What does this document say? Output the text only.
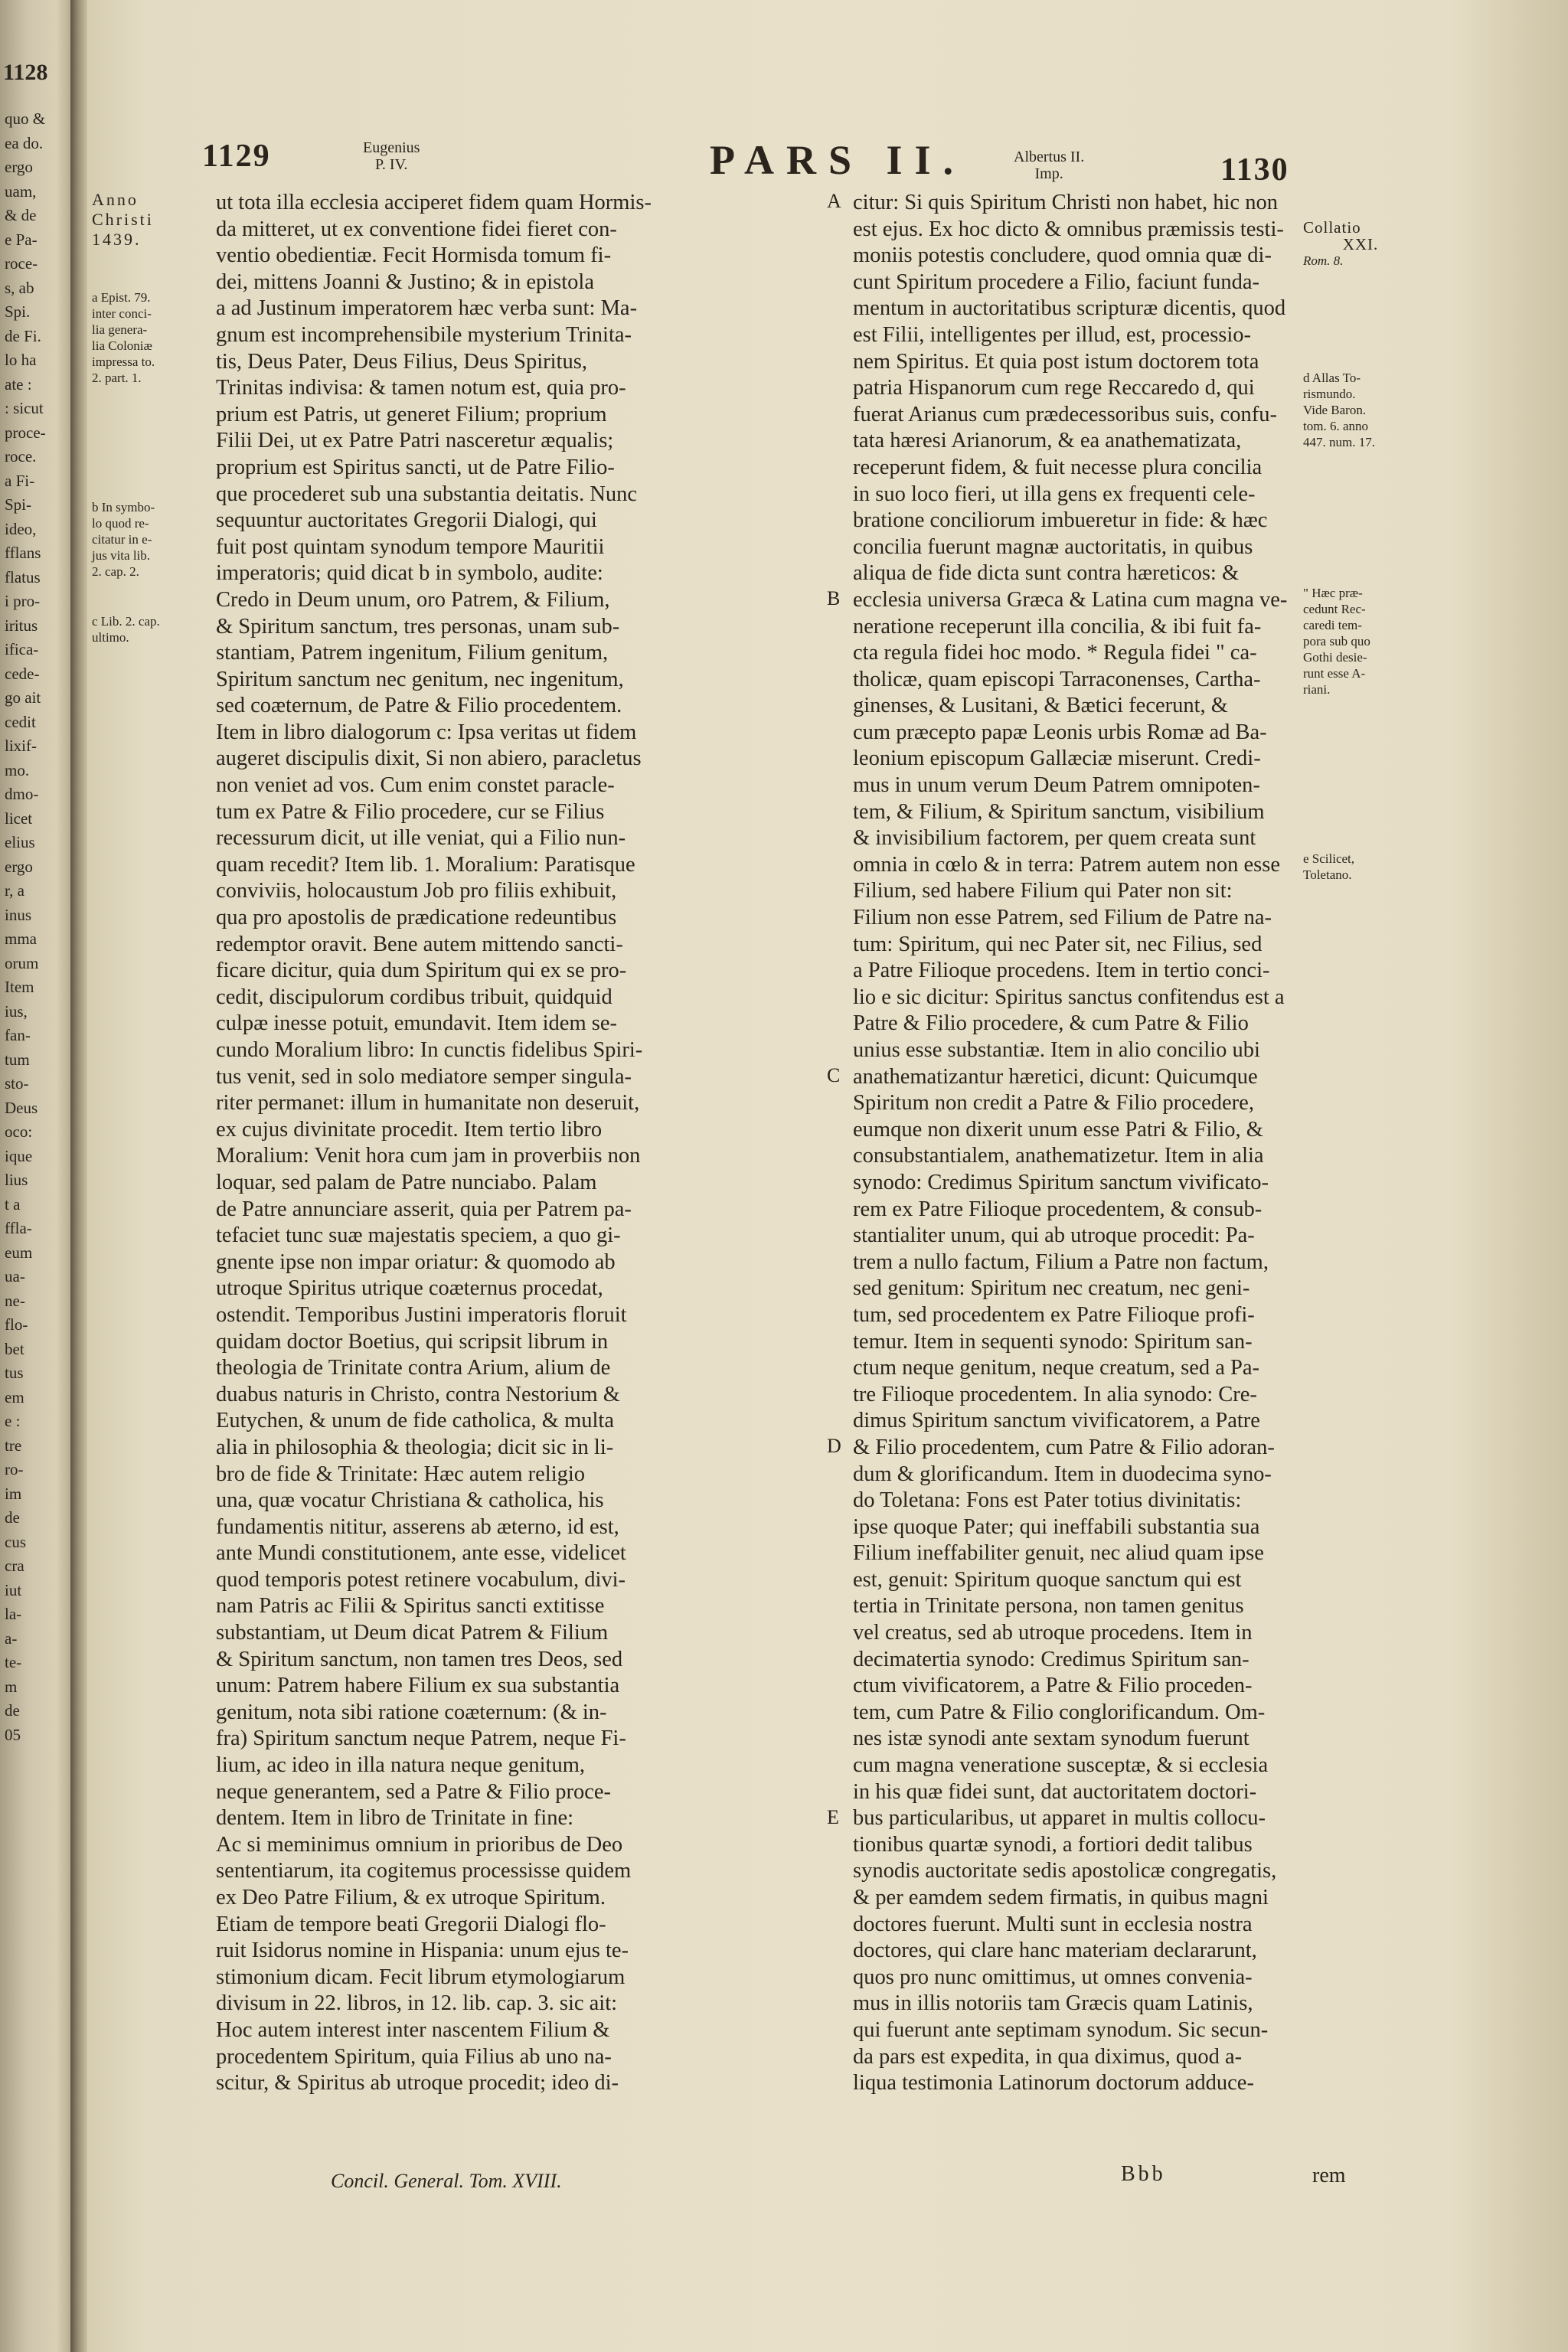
1128
quo &
ea do.
ergo
uam,
& de
e Pa-
roce-
s, ab
Spi.
de Fi.
lo ha
ate :
: sicut
proce-
roce.
a Fi-
Spi-
ideo,
fflans
flatus
i pro-
iritus
ifica-
cede-
go ait
cedit
lixif-
mo.
dmo-
licet
elius
ergo
r, a
inus
mma
orum
Item
ius,
fan-
tum
sto-
Deus
oco:
ique
lius
t a
ffla-
eum
ua-
ne-
flo-
bet
tus
em
e :
tre
ro-
im
de
cus
cra
iut
la-
a-
te-
m
de
05
1129	Eugenius
P. IV.	PARS II.	Albertus II.
Imp.	1130
Anno
Christi
1439.
a Epist. 79.
inter conci-
lia genera-
lia Coloniæ
impressa to.
2. part. 1.
b In symbo-
lo quod re-
citatur in e-
jus vita lib.
2. cap. 2.
c Lib. 2. cap.
ultimo.
ut tota illa ecclesia acciperet fidem quam Hormis-
da mitteret, ut ex conventione fidei fieret con-
ventio obedientiæ. Fecit Hormisda tomum fi-
dei, mittens Joanni & Justino; & in epistola
a ad Justinum imperatorem hæc verba sunt: Ma-
gnum est incomprehensibile mysterium Trinita-
tis, Deus Pater, Deus Filius, Deus Spiritus,
Trinitas indivisa: & tamen notum est, quia pro-
prium est Patris, ut generet Filium; proprium
Filii Dei, ut ex Patre Patri nasceretur æqualis;
proprium est Spiritus sancti, ut de Patre Filio-
que procederet sub una substantia deitatis. Nunc
sequuntur auctoritates Gregorii Dialogi, qui
fuit post quintam synodum tempore Mauritii
imperatoris; quid dicat b in symbolo, audite:
Credo in Deum unum, oro Patrem, & Filium,
& Spiritum sanctum, tres personas, unam sub-
stantiam, Patrem ingenitum, Filium genitum,
Spiritum sanctum nec genitum, nec ingenitum,
sed coæternum, de Patre & Filio procedentem.
Item in libro dialogorum c: Ipsa veritas ut fidem
augeret discipulis dixit, Si non abiero, paracletus
non veniet ad vos. Cum enim constet paracle-
tum ex Patre & Filio procedere, cur se Filius
recessurum dicit, ut ille veniat, qui a Filio nun-
quam recedit? Item lib. 1. Moralium: Paratisque
conviviis, holocaustum Job pro filiis exhibuit,
qua pro apostolis de prædicatione redeuntibus
redemptor oravit. Bene autem mittendo sancti-
ficare dicitur, quia dum Spiritum qui ex se pro-
cedit, discipulorum cordibus tribuit, quidquid
culpæ inesse potuit, emundavit. Item idem se-
cundo Moralium libro: In cunctis fidelibus Spiri-
tus venit, sed in solo mediatore semper singula-
riter permanet: illum in humanitate non deseruit,
ex cujus divinitate procedit. Item tertio libro
Moralium: Venit hora cum jam in proverbiis non
loquar, sed palam de Patre nunciabo. Palam
de Patre annunciare asserit, quia per Patrem pa-
tefaciet tunc suæ majestatis speciem, a quo gi-
gnente ipse non impar oriatur: & quomodo ab
utroque Spiritus utrique coæternus procedat,
ostendit. Temporibus Justini imperatoris floruit
quidam doctor Boetius, qui scripsit librum in
theologia de Trinitate contra Arium, alium de
duabus naturis in Christo, contra Nestorium &
Eutychen, & unum de fide catholica, & multa
alia in philosophia & theologia; dicit sic in li-
bro de fide & Trinitate: Hæc autem religio
una, quæ vocatur Christiana & catholica, his
fundamentis nititur, asserens ab æterno, id est,
ante Mundi constitutionem, ante esse, videlicet
quod temporis potest retinere vocabulum, divi-
nam Patris ac Filii & Spiritus sancti extitisse
substantiam, ut Deum dicat Patrem & Filium
& Spiritum sanctum, non tamen tres Deos, sed
unum: Patrem habere Filium ex sua substantia
genitum, nota sibi ratione coæternum: (& in-
fra) Spiritum sanctum neque Patrem, neque Fi-
lium, ac ideo in illa natura neque genitum,
neque generantem, sed a Patre & Filio proce-
dentem. Item in libro de Trinitate in fine:
Ac si meminimus omnium in prioribus de Deo
sententiarum, ita cogitemus processisse quidem
ex Deo Patre Filium, & ex utroque Spiritum.
Etiam de tempore beati Gregorii Dialogi flo-
ruit Isidorus nomine in Hispania: unum ejus te-
stimonium dicam. Fecit librum etymologiarum
divisum in 22. libros, in 12. lib. cap. 3. sic ait:
Hoc autem interest inter nascentem Filium &
procedentem Spiritum, quia Filius ab uno na-
scitur, & Spiritus ab utroque procedit; ideo di-
A
B
C
D
E
citur: Si quis Spiritum Christi non habet, hic non
est ejus. Ex hoc dicto & omnibus præmissis testi-
moniis potestis concludere, quod omnia quæ di-
cunt Spiritum procedere a Filio, faciunt funda-
mentum in auctoritatibus scripturæ dicentis, quod
est Filii, intelligentes per illud, est, processio-
nem Spiritus. Et quia post istum doctorem tota
patria Hispanorum cum rege Reccaredo d, qui
fuerat Arianus cum prædecessoribus suis, confu-
tata hæresi Arianorum, & ea anathematizata,
receperunt fidem, & fuit necesse plura concilia
in suo loco fieri, ut illa gens ex frequenti cele-
bratione conciliorum imbueretur in fide: & hæc
concilia fuerunt magnæ auctoritatis, in quibus
aliqua de fide dicta sunt contra hæreticos: &
ecclesia universa Græca & Latina cum magna ve-
neratione receperunt illa concilia, & ibi fuit fa-
cta regula fidei hoc modo. * Regula fidei " ca-
tholicæ, quam episcopi Tarraconenses, Cartha-
ginenses, & Lusitani, & Bætici fecerunt, &
cum præcepto papæ Leonis urbis Romæ ad Ba-
leonium episcopum Gallæciæ miserunt. Credi-
mus in unum verum Deum Patrem omnipoten-
tem, & Filium, & Spiritum sanctum, visibilium
& invisibilium factorem, per quem creata sunt
omnia in cœlo & in terra: Patrem autem non esse
Filium, sed habere Filium qui Pater non sit:
Filium non esse Patrem, sed Filium de Patre na-
tum: Spiritum, qui nec Pater sit, nec Filius, sed
a Patre Filioque procedens. Item in tertio conci-
lio e sic dicitur: Spiritus sanctus confitendus est a
Patre & Filio procedere, & cum Patre & Filio
unius esse substantiæ. Item in alio concilio ubi
anathematizantur hæretici, dicunt: Quicumque
Spiritum non credit a Patre & Filio procedere,
eumque non dixerit unum esse Patri & Filio, &
consubstantialem, anathematizetur. Item in alia
synodo: Credimus Spiritum sanctum vivificato-
rem ex Patre Filioque procedentem, & consub-
stantialiter unum, qui ab utroque procedit: Pa-
trem a nullo factum, Filium a Patre non factum,
sed genitum: Spiritum nec creatum, nec geni-
tum, sed procedentem ex Patre Filioque profi-
temur. Item in sequenti synodo: Spiritum san-
ctum neque genitum, neque creatum, sed a Pa-
tre Filioque procedentem. In alia synodo: Cre-
dimus Spiritum sanctum vivificatorem, a Patre
& Filio procedentem, cum Patre & Filio adoran-
dum & glorificandum. Item in duodecima syno-
do Toletana: Fons est Pater totius divinitatis:
ipse quoque Pater; qui ineffabili substantia sua
Filium ineffabiliter genuit, nec aliud quam ipse
est, genuit: Spiritum quoque sanctum qui est
tertia in Trinitate persona, non tamen genitus
vel creatus, sed ab utroque procedens. Item in
decimatertia synodo: Credimus Spiritum san-
ctum vivificatorem, a Patre & Filio proceden-
tem, cum Patre & Filio conglorificandum. Om-
nes istæ synodi ante sextam synodum fuerunt
cum magna veneratione susceptæ, & si ecclesia
in his quæ fidei sunt, dat auctoritatem doctori-
bus particularibus, ut apparet in multis collocu-
tionibus quartæ synodi, a fortiori dedit talibus
synodis auctoritate sedis apostolicæ congregatis,
& per eamdem sedem firmatis, in quibus magni
doctores fuerunt. Multi sunt in ecclesia nostra
doctores, qui clare hanc materiam declararunt,
quos pro nunc omittimus, ut omnes convenia-
mus in illis notoriis tam Græcis quam Latinis,
qui fuerunt ante septimam synodum. Sic secun-
da pars est expedita, in qua diximus, quod a-
liqua testimonia Latinorum doctorum adduce-
Collatio
XXI.
Rom. 8.
d Allas To-
rismundo.
Vide Baron.
tom. 6. anno
447. num. 17.
" Hæc præ-
cedunt Rec-
caredi tem-
pora sub quo
Gothi desie-
runt esse A-
riani.
e Scilicet,
Toletano.
Concil. General. Tom. XVIII.	Bbb	rem
